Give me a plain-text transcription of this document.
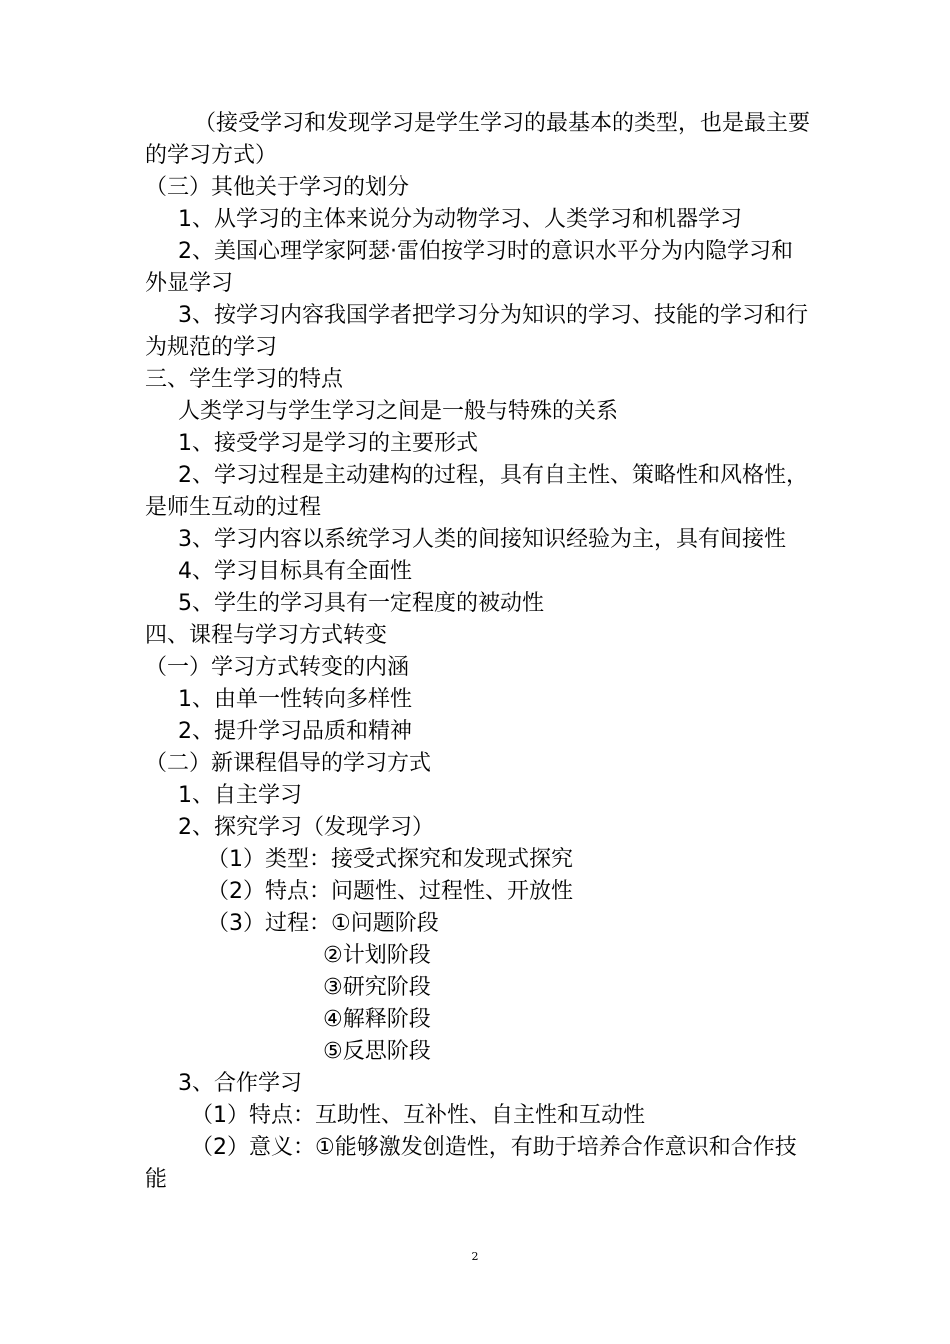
（接受学习和发现学习是学生学习的最基本的类型，也是最主要
的学习方式）
（三）其他关于学习的划分
1、从学习的主体来说分为动物学习、人类学习和机器学习
2、美国心理学家阿瑟·雷伯按学习时的意识水平分为内隐学习和
外显学习
3、按学习内容我国学者把学习分为知识的学习、技能的学习和行
为规范的学习
三、学生学习的特点
人类学习与学生学习之间是一般与特殊的关系
1、接受学习是学习的主要形式
2、学习过程是主动建构的过程，具有自主性、策略性和风格性，
是师生互动的过程
3、学习内容以系统学习人类的间接知识经验为主，具有间接性
4、学习目标具有全面性
5、学生的学习具有一定程度的被动性
四、课程与学习方式转变
（一）学习方式转变的内涵
1、由单一性转向多样性
2、提升学习品质和精神
（二）新课程倡导的学习方式
1、自主学习
2、探究学习（发现学习）
（1）类型：接受式探究和发现式探究
（2）特点：问题性、过程性、开放性
（3）过程：①问题阶段
②计划阶段
③研究阶段
④解释阶段
⑤反思阶段
3、合作学习
（1）特点：互助性、互补性、自主性和互动性
（2）意义：①能够激发创造性，有助于培养合作意识和合作技
能
2
